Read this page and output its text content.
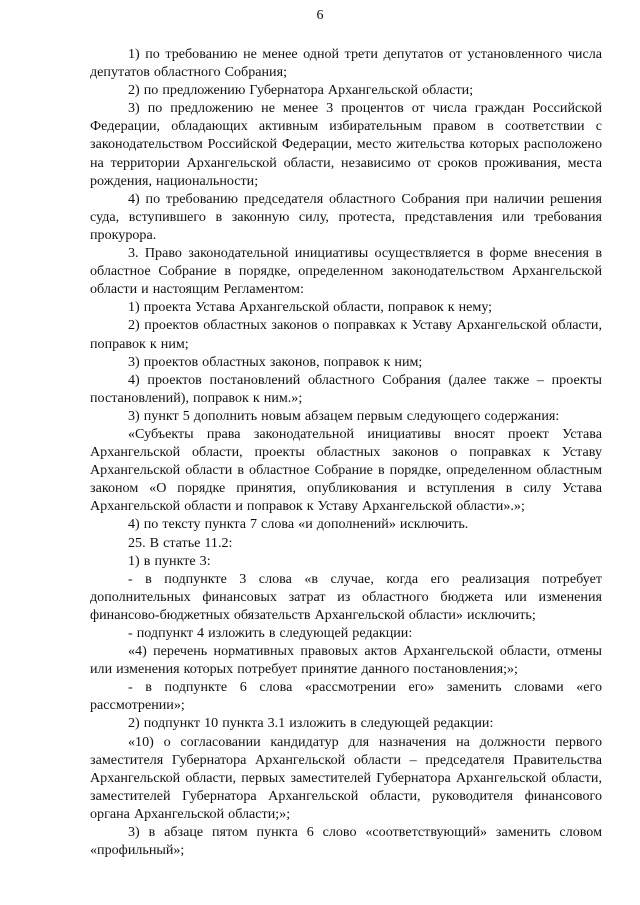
6

1) по требованию не менее одной трети депутатов от установленного числа депутатов областного Собрания;

2) по предложению Губернатора Архангельской области;

3) по предложению не менее 3 процентов от числа граждан Российской Федерации, обладающих активным избирательным правом в соответствии с законодательством Российской Федерации, место жительства которых расположено на территории Архангельской области, независимо от сроков проживания, места рождения, национальности;

4) по требованию председателя областного Собрания при наличии решения суда, вступившего в законную силу, протеста, представления или требования прокурора.

3. Право законодательной инициативы осуществляется в форме внесения в областное Собрание в порядке, определенном законодательством Архангельской области и настоящим Регламентом:

1) проекта Устава Архангельской области, поправок к нему;

2) проектов областных законов о поправках к Уставу Архангельской области, поправок к ним;

3) проектов областных законов, поправок к ним;

4) проектов постановлений областного Собрания (далее также – проекты постановлений), поправок к ним.»;

3) пункт 5 дополнить новым абзацем первым следующего содержания:

«Субъекты права законодательной инициативы вносят проект Устава Архангельской области, проекты областных законов о поправках к Уставу Архангельской области в областное Собрание в порядке, определенном областным законом «О порядке принятия, опубликования и вступления в силу Устава Архангельской области и поправок к Уставу Архангельской области».»;

4) по тексту пункта 7 слова «и дополнений» исключить.

25. В статье 11.2:

1) в пункте 3:

- в подпункте 3 слова «в случае, когда его реализация потребует дополнительных финансовых затрат из областного бюджета или изменения финансово-бюджетных обязательств Архангельской области» исключить;

- подпункт 4 изложить в следующей редакции:

«4) перечень нормативных правовых актов Архангельской области, отмены или изменения которых потребует принятие данного постановления;»;

- в подпункте 6 слова «рассмотрении его» заменить словами «его рассмотрении»;

2) подпункт 10 пункта 3.1 изложить в следующей редакции:

«10) о согласовании кандидатур для назначения на должности первого заместителя Губернатора Архангельской области – председателя Правительства Архангельской области, первых заместителей Губернатора Архангельской области, заместителей Губернатора Архангельской области, руководителя финансового органа Архангельской области;»;

3) в абзаце пятом пункта 6 слово «соответствующий» заменить словом «профильный»;
